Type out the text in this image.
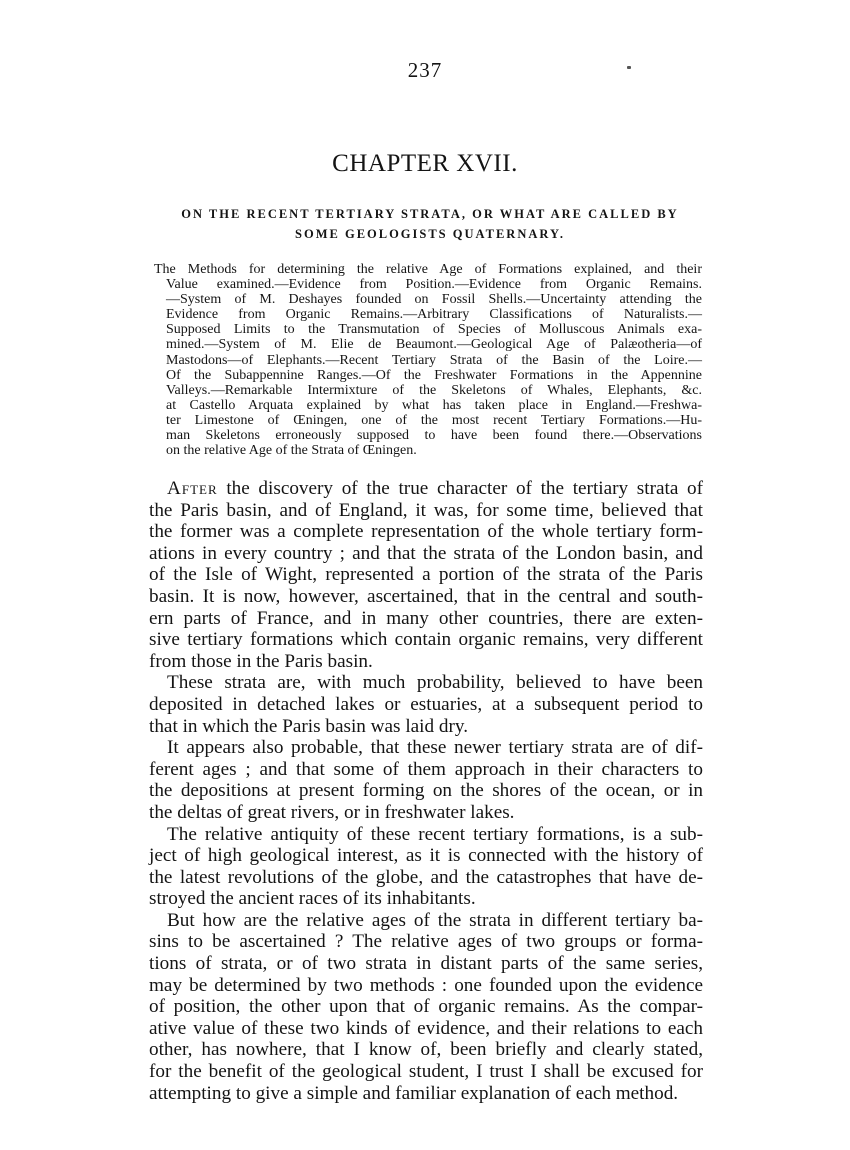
237
CHAPTER XVII.
ON THE RECENT TERTIARY STRATA, OR WHAT ARE CALLED BY
SOME GEOLOGISTS QUATERNARY.
The Methods for determining the relative Age of Formations explained, and their
Value examined.—Evidence from Position.—Evidence from Organic Remains.
—System of M. Deshayes founded on Fossil Shells.—Uncertainty attending the
Evidence from Organic Remains.—Arbitrary Classifications of Naturalists.—
Supposed Limits to the Transmutation of Species of Molluscous Animals exa-
mined.—System of M. Elie de Beaumont.—Geological Age of Palæotheria—of
Mastodons—of Elephants.—Recent Tertiary Strata of the Basin of the Loire.—
Of the Subappennine Ranges.—Of the Freshwater Formations in the Appennine
Valleys.—Remarkable Intermixture of the Skeletons of Whales, Elephants, &c.
at Castello Arquata explained by what has taken place in England.—Freshwa-
ter Limestone of Œningen, one of the most recent Tertiary Formations.—Hu-
man Skeletons erroneously supposed to have been found there.—Observations
on the relative Age of the Strata of Œningen.
After the discovery of the true character of the tertiary strata of
the Paris basin, and of England, it was, for some time, believed that
the former was a complete representation of the whole tertiary form-
ations in every country ; and that the strata of the London basin, and
of the Isle of Wight, represented a portion of the strata of the Paris
basin. It is now, however, ascertained, that in the central and south-
ern parts of France, and in many other countries, there are exten-
sive tertiary formations which contain organic remains, very different
from those in the Paris basin.
These strata are, with much probability, believed to have been
deposited in detached lakes or estuaries, at a subsequent period to
that in which the Paris basin was laid dry.
It appears also probable, that these newer tertiary strata are of dif-
ferent ages ; and that some of them approach in their characters to
the depositions at present forming on the shores of the ocean, or in
the deltas of great rivers, or in freshwater lakes.
The relative antiquity of these recent tertiary formations, is a sub-
ject of high geological interest, as it is connected with the history of
the latest revolutions of the globe, and the catastrophes that have de-
stroyed the ancient races of its inhabitants.
But how are the relative ages of the strata in different tertiary ba-
sins to be ascertained ? The relative ages of two groups or forma-
tions of strata, or of two strata in distant parts of the same series,
may be determined by two methods : one founded upon the evidence
of position, the other upon that of organic remains. As the compar-
ative value of these two kinds of evidence, and their relations to each
other, has nowhere, that I know of, been briefly and clearly stated,
for the benefit of the geological student, I trust I shall be excused for
attempting to give a simple and familiar explanation of each method.
